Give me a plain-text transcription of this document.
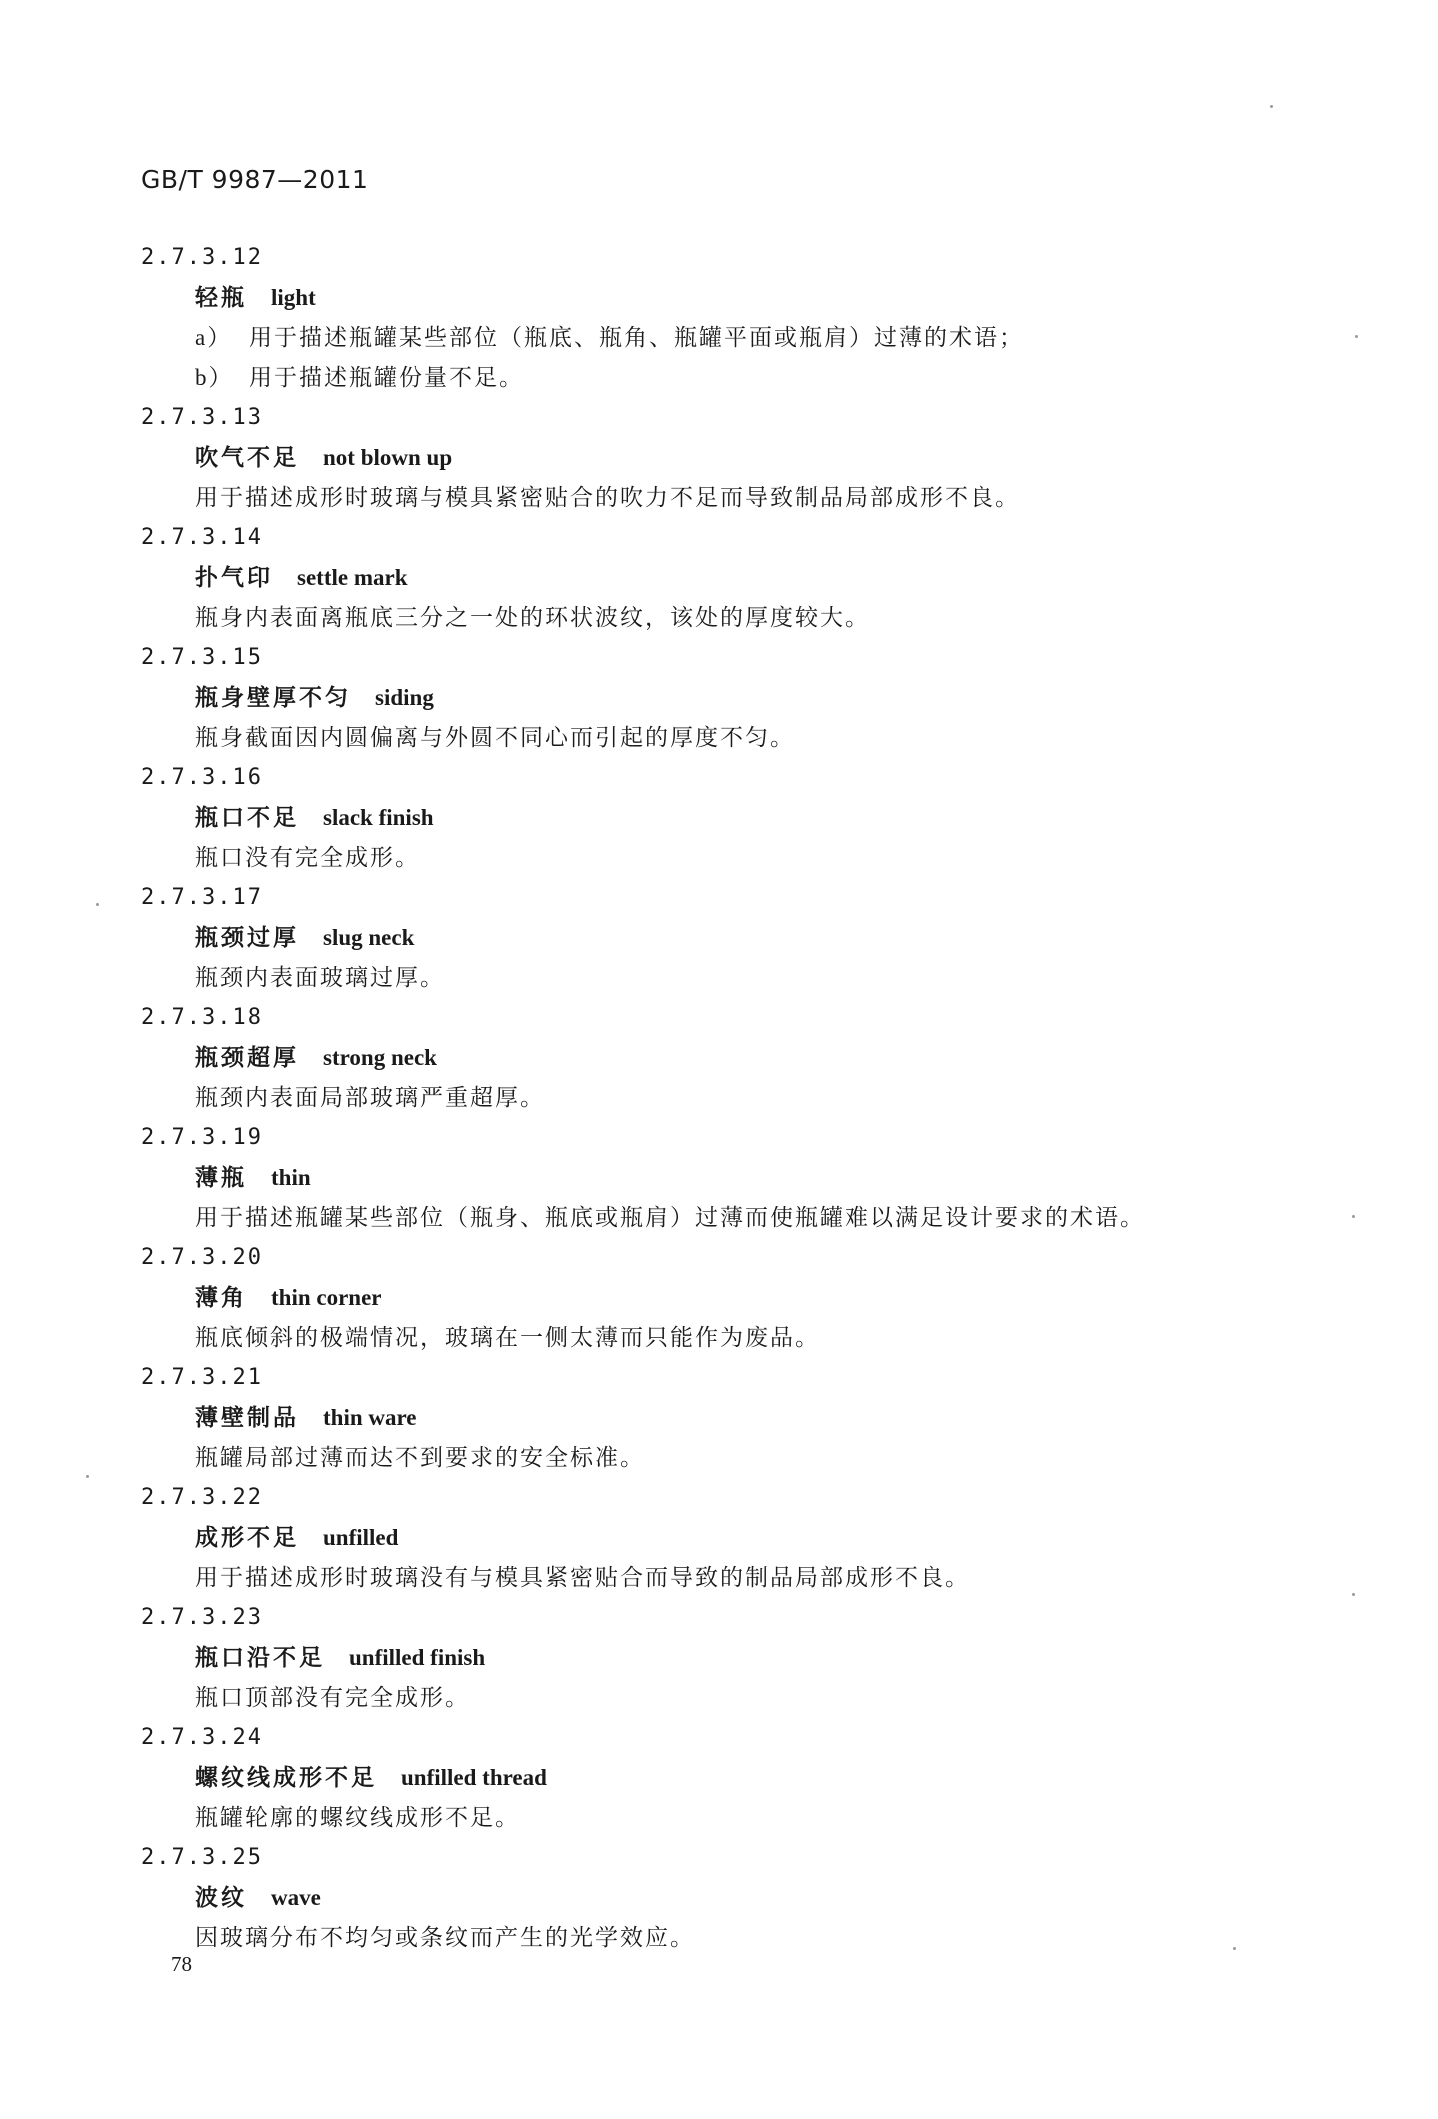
GB/T 9987—2011
2.7.3.12
轻瓶 light
a） 用于描述瓶罐某些部位（瓶底、瓶角、瓶罐平面或瓶肩）过薄的术语；
b） 用于描述瓶罐份量不足。
2.7.3.13
吹气不足 not blown up
用于描述成形时玻璃与模具紧密贴合的吹力不足而导致制品局部成形不良。
2.7.3.14
扑气印 settle mark
瓶身内表面离瓶底三分之一处的环状波纹，该处的厚度较大。
2.7.3.15
瓶身壁厚不匀 siding
瓶身截面因内圆偏离与外圆不同心而引起的厚度不匀。
2.7.3.16
瓶口不足 slack finish
瓶口没有完全成形。
2.7.3.17
瓶颈过厚 slug neck
瓶颈内表面玻璃过厚。
2.7.3.18
瓶颈超厚 strong neck
瓶颈内表面局部玻璃严重超厚。
2.7.3.19
薄瓶 thin
用于描述瓶罐某些部位（瓶身、瓶底或瓶肩）过薄而使瓶罐难以满足设计要求的术语。
2.7.3.20
薄角 thin corner
瓶底倾斜的极端情况，玻璃在一侧太薄而只能作为废品。
2.7.3.21
薄壁制品 thin ware
瓶罐局部过薄而达不到要求的安全标准。
2.7.3.22
成形不足 unfilled
用于描述成形时玻璃没有与模具紧密贴合而导致的制品局部成形不良。
2.7.3.23
瓶口沿不足 unfilled finish
瓶口顶部没有完全成形。
2.7.3.24
螺纹线成形不足 unfilled thread
瓶罐轮廓的螺纹线成形不足。
2.7.3.25
波纹 wave
因玻璃分布不均匀或条纹而产生的光学效应。
78
